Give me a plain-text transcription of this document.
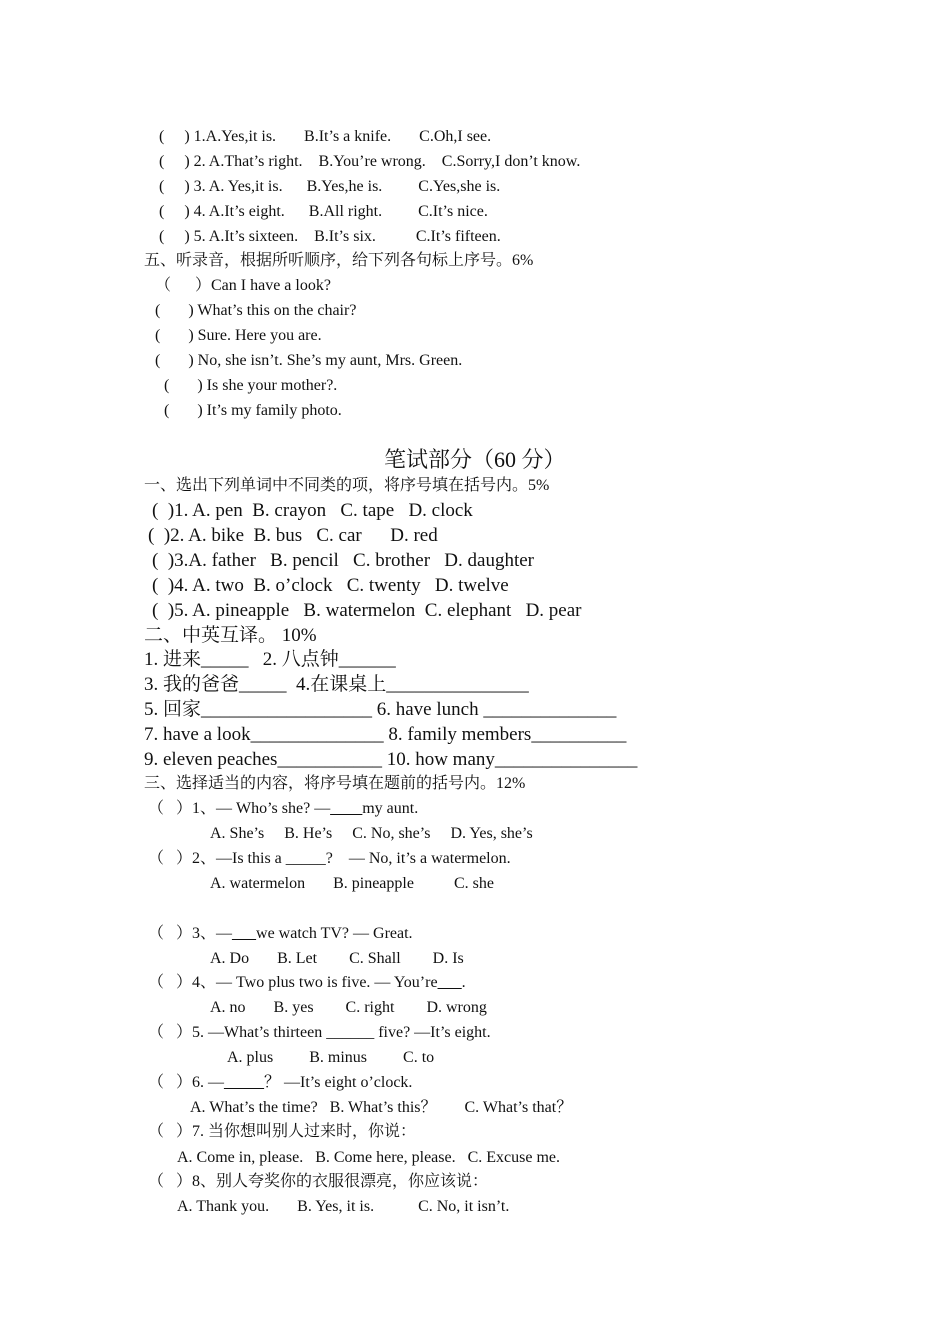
(     ) 1.A.Yes,it is.       B.It’s a knife.       C.Oh,I see.
(     ) 2. A.That’s right.    B.You’re wrong.    C.Sorry,I don’t know.
(     ) 3. A. Yes,it is.      B.Yes,he is.         C.Yes,she is.
(     ) 4. A.It’s eight.      B.All right.         C.It’s nice.
(     ) 5. A.It’s sixteen.    B.It’s six.          C.It’s fifteen.
五、听录音，根据所听顺序，给下列各句标上序号。6%
（      ）Can I have a look?
(       ) What’s this on the chair?
(       ) Sure. Here you are.
(       ) No, she isn’t. She’s my aunt, Mrs. Green.
(       ) Is she your mother?.
(       ) It’s my family photo.
笔试部分（60 分）
一、选出下列单词中不同类的项，将序号填在括号内。5%
(  )1. A. pen  B. crayon   C. tape   D. clock
(  )2. A. bike  B. bus   C. car      D. red
(  )3.A. father   B. pencil   C. brother   D. daughter
(  )4. A. two  B. o’clock   C. twenty   D. twelve
(  )5. A. pineapple   B. watermelon  C. elephant   D. pear
二、中英互译。 10%
1. 进来_____   2. 八点钟______
3. 我的爸爸_____  4.在课桌上_______________
5. 回家__________________ 6. have lunch ______________
7. have a look______________ 8. family members__________
9. eleven peaches___________ 10. how many_______________
三、选择适当的内容，将序号填在题前的括号内。12%
（   ）1、— Who’s she? —____my aunt.
A. She’s     B. He’s     C. No, she’s     D. Yes, she’s
（   ）2、—Is this a _____?    — No, it’s a watermelon.
A. watermelon       B. pineapple          C. she
（   ）3、—___we watch TV? — Great.
A. Do       B. Let        C. Shall        D. Is
（   ）4、— Two plus two is five. — You’re___.
A. no       B. yes        C. right        D. wrong
（   ）5. —What’s thirteen ______ five? —It’s eight.
A. plus         B. minus         C. to
（   ）6. —_____？ —It’s eight o’clock.
A. What’s the time?   B. What’s this？       C. What’s that？
（   ）7. 当你想叫别人过来时，你说：
A. Come in, please.   B. Come here, please.   C. Excuse me.
（   ）8、别人夸奖你的衣服很漂亮，你应该说：
A. Thank you.       B. Yes, it is.           C. No, it isn’t.
